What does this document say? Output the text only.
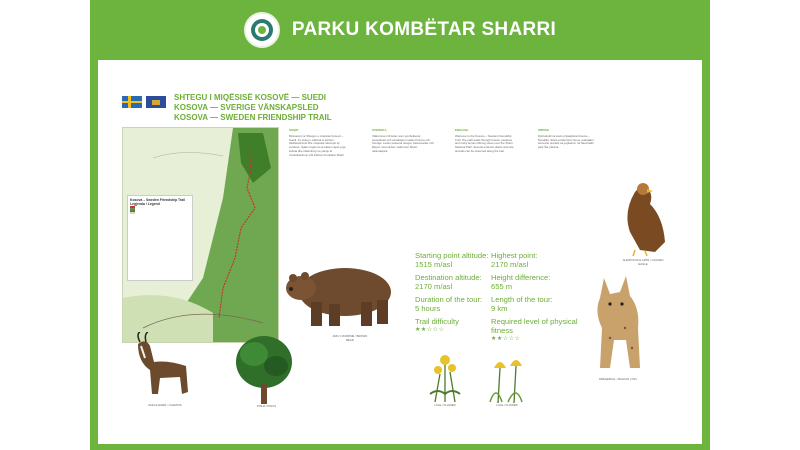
PARKU KOMBËTAR SHARRI
SHTEGU I MIQËSISË KOSOVË — SUEDI
KOSOVA — SVERIGE VÄNSKAPSLED
KOSOVA — SWEDEN FRIENDSHIP TRAIL
Kosova – Sweden Friendship Trail
Legjenda / Legend
SHQIP
Mirësevini në Shtegun e miqësisë Kosovë – Suedi. Ky shteg u ndërtua si simbol i bashkëpunimit dhe miqësisë ndërmjet dy vendeve. Gjatë rrugës do të kaloni nëpër pyje, kullota dhe shkëmbinj me pamje të mrekullueshme mbi Parkun Kombëtar Sharri.
SVENSKA
Välkommen till leden som symboliserar samarbetet och vänskapen mellan Kosovo och Sverige. Leden passerar skogar, betesmarker och klippor med vacker utsikt över Sharri nationalpark.
ENGLISH
Welcome to the Kosovo – Sweden Friendship Trail. The path leads through forests, pastures and rocky terrain offering views over the Sharri National Park. Several endemic plants and rare animals can be observed along the trail.
SRPSKI
Dobrodošli na stazu prijateljstva Kosovo – Švedska. Staza prolazi kroz šume, pašnjake i stenovite predele sa pogledom na Nacionalni park Šar planina.
SHQIPONJA E ARTË / GOLDEN EAGLE
ARIU I MURRMË / BROWN BEAR
RRËQEBULL / BALKAN LYNX
DHIA E EGËR / CHAMOIS	PISHA / PINUS	LULE / FLOWER	LULE / FLOWER
Starting point altitude:
1515 m/asl
Highest point:
2170 m/asl
Destination altitude:
2170 m/asl
Height difference:
655 m
Duration of the tour:
5 hours
Length of the tour:
9 km
Trail difficulty
★★☆☆☆
Required level of physical fitness
★★☆☆☆
